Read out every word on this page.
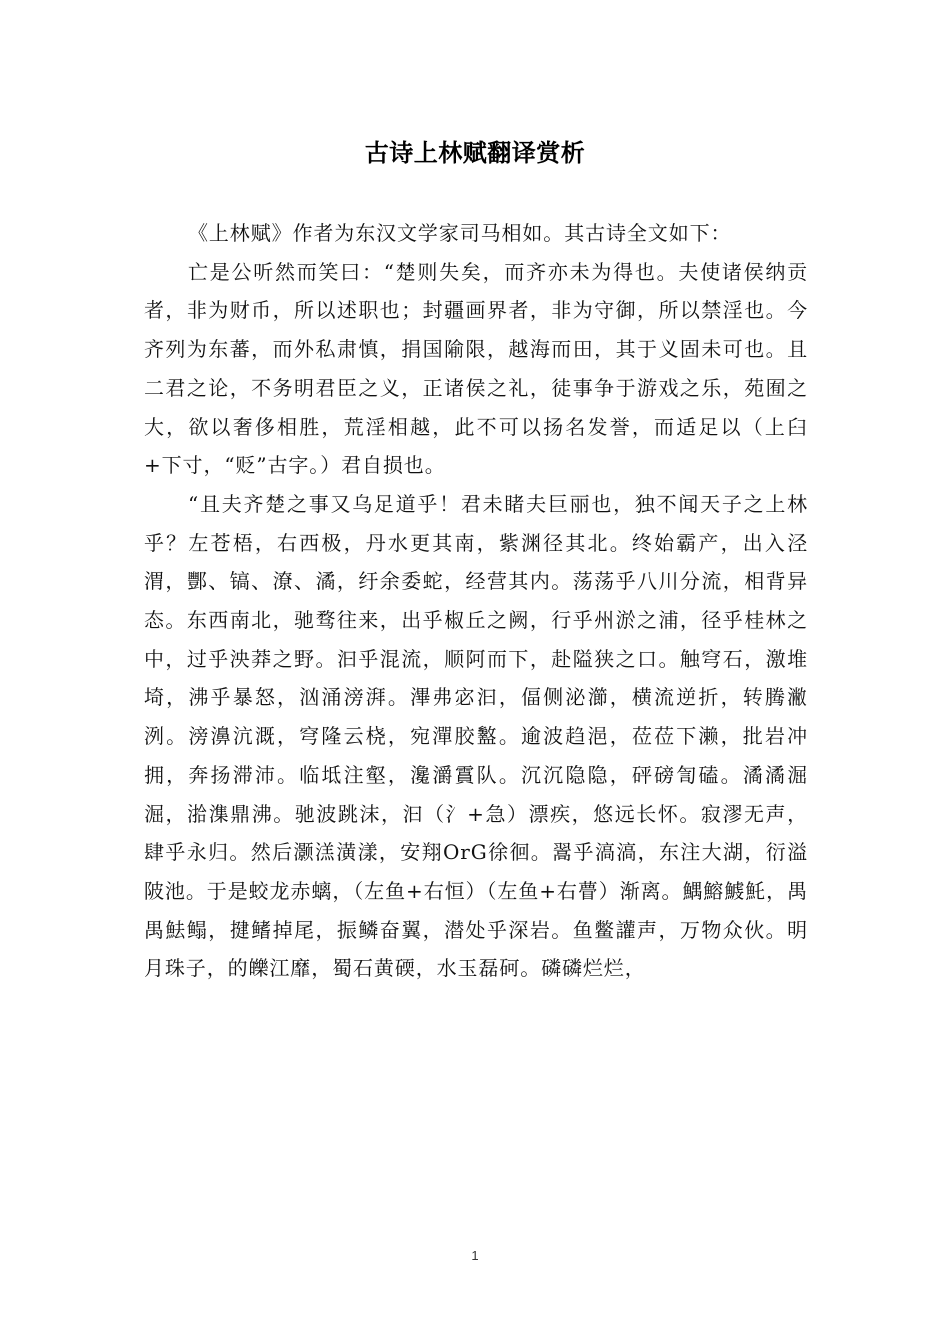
古诗上林赋翻译赏析

《上林赋》作者为东汉文学家司马相如。其古诗全文如下：

亡是公听然而笑曰：“楚则失矣，而齐亦未为得也。夫使诸侯纳贡者，非为财币，所以述职也；封疆画界者，非为守御，所以禁淫也。今齐列为东蕃，而外私肃慎，捐国隃限，越海而田，其于义固未可也。且二君之论，不务明君臣之义，正诸侯之礼，徒事争于游戏之乐，苑囿之大，欲以奢侈相胜，荒淫相越，此不可以扬名发誉，而适足以（上臼+下寸，“贬”古字。）君自损也。

“且夫齐楚之事又乌足道乎！君未睹夫巨丽也，独不闻天子之上林乎？左苍梧，右西极，丹水更其南，紫渊径其北。终始霸产，出入泾渭，酆、镐、潦、潏，纡余委蛇，经营其内。荡荡乎八川分流，相背异态。东西南北，驰骛往来，出乎椒丘之阙，行乎州淤之浦，径乎桂林之中，过乎泱莽之野。汩乎混流，顺阿而下，赴隘狭之口。触穹石，激堆埼，沸乎暴怒，汹涌滂湃。滭弗宓汩，偪侧泌瀄，横流逆折，转腾潎洌。滂濞沆溉，穹隆云桡，宛潬胶盭。逾波趋浥，莅莅下濑，批岩冲拥，奔扬滞沛。临坻注壑，瀺灂霣队。沉沉隐隐，砰磅訇磕。潏潏淈淈，湁潗鼎沸。驰波跳沫，汩（氵+急）漂疾，悠远长怀。寂漻无声，肆乎永归。然后灏溔潢漾，安翔OrG徐徊。翯乎滈滈，东注大湖，衍溢陂池。于是蛟龙赤螭，（左鱼+右恒）（左鱼+右瞢）渐离。鰅鰫鰬魠，禺禺魼鳎，揵鳍掉尾，振鳞奋翼，潜处乎深岩。鱼鳖讙声，万物众伙。明月珠子，的皪江靡，蜀石黄碝，水玉磊砢。磷磷烂烂，

1
